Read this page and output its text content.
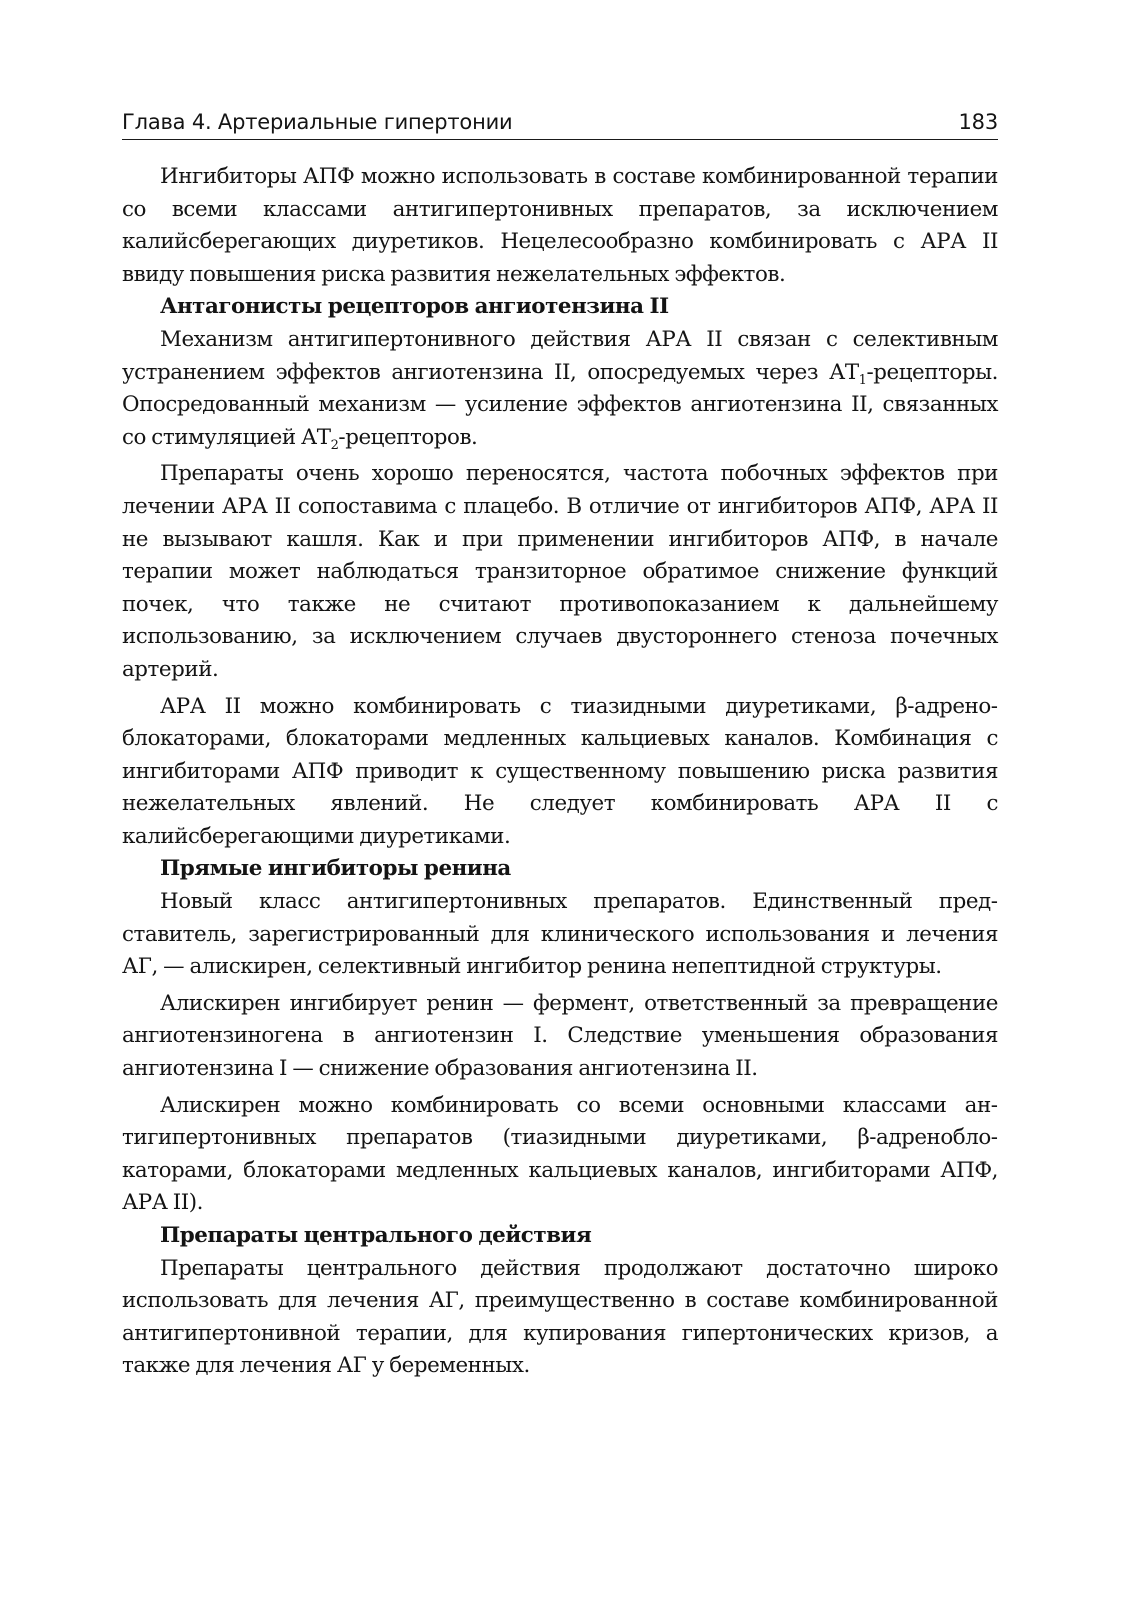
Глава 4. Артериальные гипертонии	183

Ингибиторы АПФ можно использовать в составе комбинированной терапии со всеми классами антигипертонивных препаратов, за исключением калийсберегающих диуретиков. Нецелесообразно комбинировать с АРА II ввиду повышения риска развития нежелательных эффектов.

Антагонисты рецепторов ангиотензина II

Механизм антигипертонивного действия АРА II связан с селективным устранением эффектов ангиотензина II, опосредуемых через $АТ_1$-рецепторы. Опосредованный механизм — усиление эффектов ангиотензина II, связанных со стимуляцией $АТ_2$-рецепторов.

Препараты очень хорошо переносятся, частота побочных эффектов при лечении АРА II сопоставима с плацебо. В отличие от ингибиторов АПФ, АРА II не вызывают кашля. Как и при применении ингибиторов АПФ, в начале терапии может наблюдаться транзиторное обратимое снижение функций почек, что также не считают противопоказанием к дальнейшему использованию, за исключением случаев двустороннего стеноза почечных артерий.

АРА II можно комбинировать с тиазидными диуретиками, β-адреноблокаторами, блокаторами медленных кальциевых каналов. Комбинация с ингибиторами АПФ приводит к существенному повышению риска развития нежелательных явлений. Не следует комбинировать АРА II с калийсберегающими диуретиками.

Прямые ингибиторы ренина

Новый класс антигипертонивных препаратов. Единственный представитель, зарегистрированный для клинического использования и лечения АГ, — алискирен, селективный ингибитор ренина непептидной структуры.

Алискирен ингибирует ренин — фермент, ответственный за превращение ангиотензиногена в ангиотензин I. Следствие уменьшения образования ангиотензина I — снижение образования ангиотензина II.

Алискирен можно комбинировать со всеми основными классами антигипертонивных препаратов (тиазидными диуретиками, β-адреноблокаторами, блокаторами медленных кальциевых каналов, ингибиторами АПФ, АРА II).

Препараты центрального действия

Препараты центрального действия продолжают достаточно широко использовать для лечения АГ, преимущественно в составе комбинированной антигипертонивной терапии, для купирования гипертонических кризов, а также для лечения АГ у беременных.
